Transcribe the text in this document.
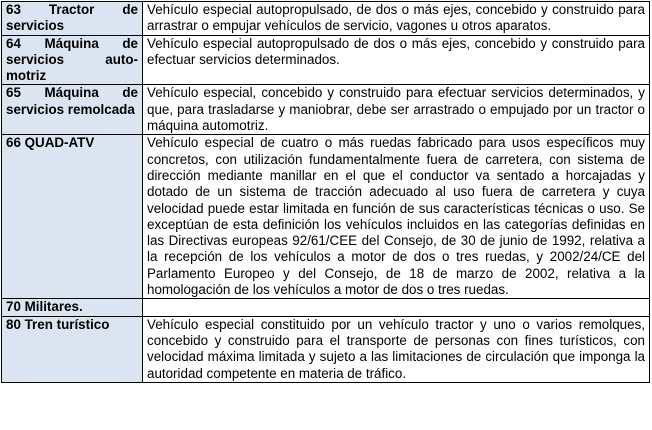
63 Tractor de servicios	Vehículo especial autopropulsado, de dos o más ejes, concebido y construido para arrastrar o empujar vehículos de servicio, vagones u otros aparatos.
64 Máquina de servicios auto-motriz	Vehículo especial autopropulsado de dos o más ejes, concebido y construido para efectuar servicios determinados.
65 Máquina de servicios remolcada	Vehículo especial, concebido y construido para efectuar servicios determinados, y que, para trasladarse y maniobrar, debe ser arrastrado o empujado por un tractor o máquina automotriz.
66 QUAD-ATV	Vehículo especial de cuatro o más ruedas fabricado para usos específicos muy concretos, con utilización fundamentalmente fuera de carretera, con sistema de dirección mediante manillar en el que el conductor va sentado a horcajadas y dotado de un sistema de tracción adecuado al uso fuera de carretera y cuya velocidad puede estar limitada en función de sus características técnicas o uso. Se exceptúan de esta definición los vehículos incluidos en las categorías definidas en las Directivas europeas 92/61/CEE del Consejo, de 30 de junio de 1992, relativa a la recepción de los vehículos a motor de dos o tres ruedas, y 2002/24/CE del Parlamento Europeo y del Consejo, de 18 de marzo de 2002, relativa a la homologación de los vehículos a motor de dos o tres ruedas.
70 Militares.	
80 Tren turístico	Vehículo especial constituido por un vehículo tractor y uno o varios remolques, concebido y construido para el transporte de personas con fines turísticos, con velocidad máxima limitada y sujeto a las limitaciones de circulación que imponga la autoridad competente en materia de tráfico.
